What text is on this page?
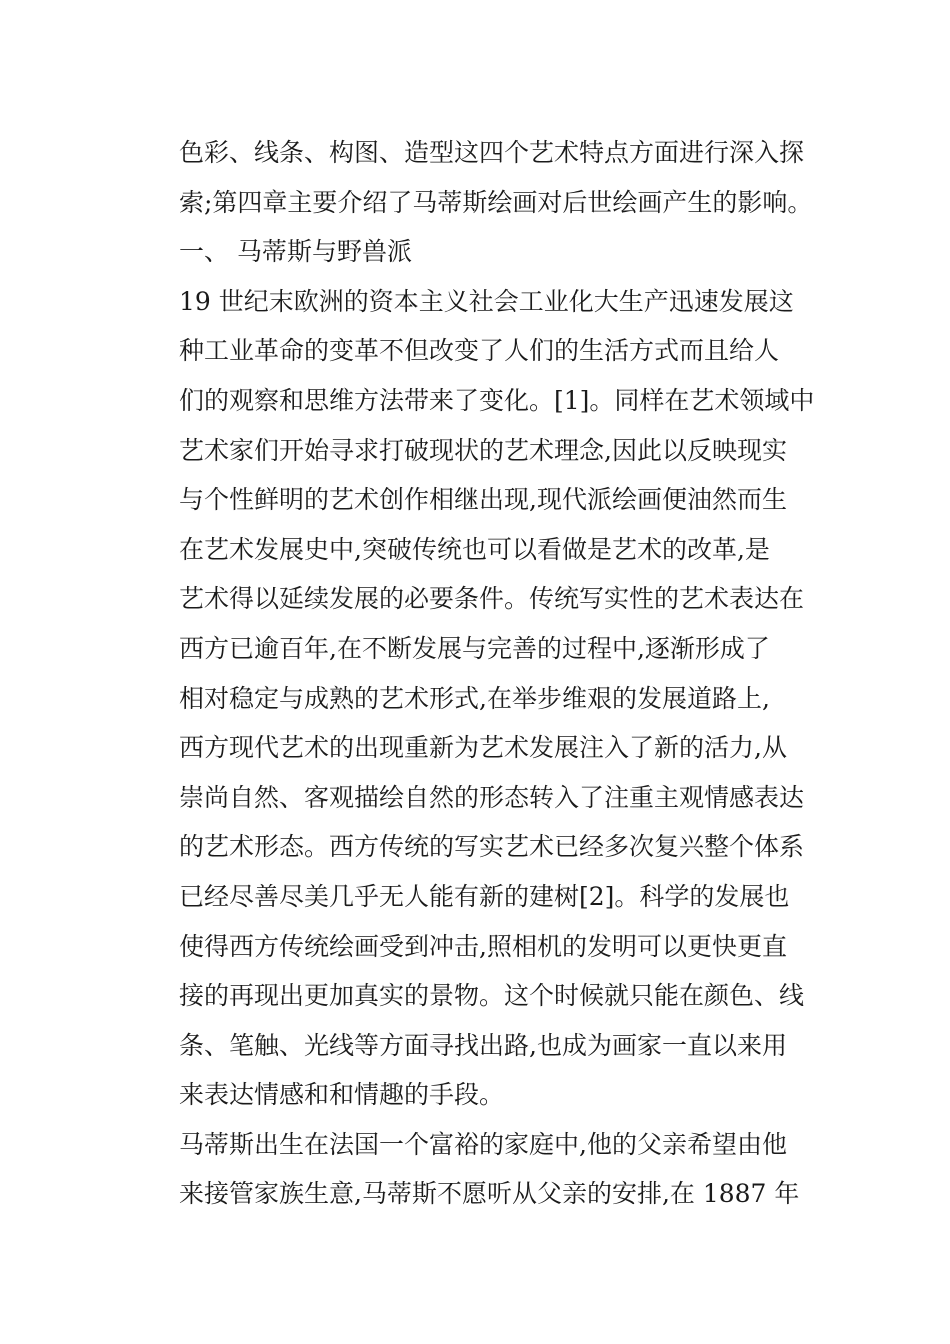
色彩、线条、构图、造型这四个艺术特点方面进行深入探
索;第四章主要介绍了马蒂斯绘画对后世绘画产生的影响。
一、 马蒂斯与野兽派
19 世纪末欧洲的资本主义社会工业化大生产迅速发展这
种工业革命的变革不但改变了人们的生活方式而且给人
们的观察和思维方法带来了变化。[1]。同样在艺术领域中
艺术家们开始寻求打破现状的艺术理念,因此以反映现实
与个性鲜明的艺术创作相继出现,现代派绘画便油然而生
在艺术发展史中,突破传统也可以看做是艺术的改革,是
艺术得以延续发展的必要条件。传统写实性的艺术表达在
西方已逾百年,在不断发展与完善的过程中,逐渐形成了
相对稳定与成熟的艺术形式,在举步维艰的发展道路上,
西方现代艺术的出现重新为艺术发展注入了新的活力,从
崇尚自然、客观描绘自然的形态转入了注重主观情感表达
的艺术形态。西方传统的写实艺术已经多次复兴整个体系
已经尽善尽美几乎无人能有新的建树[2]。科学的发展也
使得西方传统绘画受到冲击,照相机的发明可以更快更直
接的再现出更加真实的景物。这个时候就只能在颜色、线
条、笔触、光线等方面寻找出路,也成为画家一直以来用
来表达情感和和情趣的手段。
马蒂斯出生在法国一个富裕的家庭中,他的父亲希望由他
来接管家族生意,马蒂斯不愿听从父亲的安排,在 1887 年
